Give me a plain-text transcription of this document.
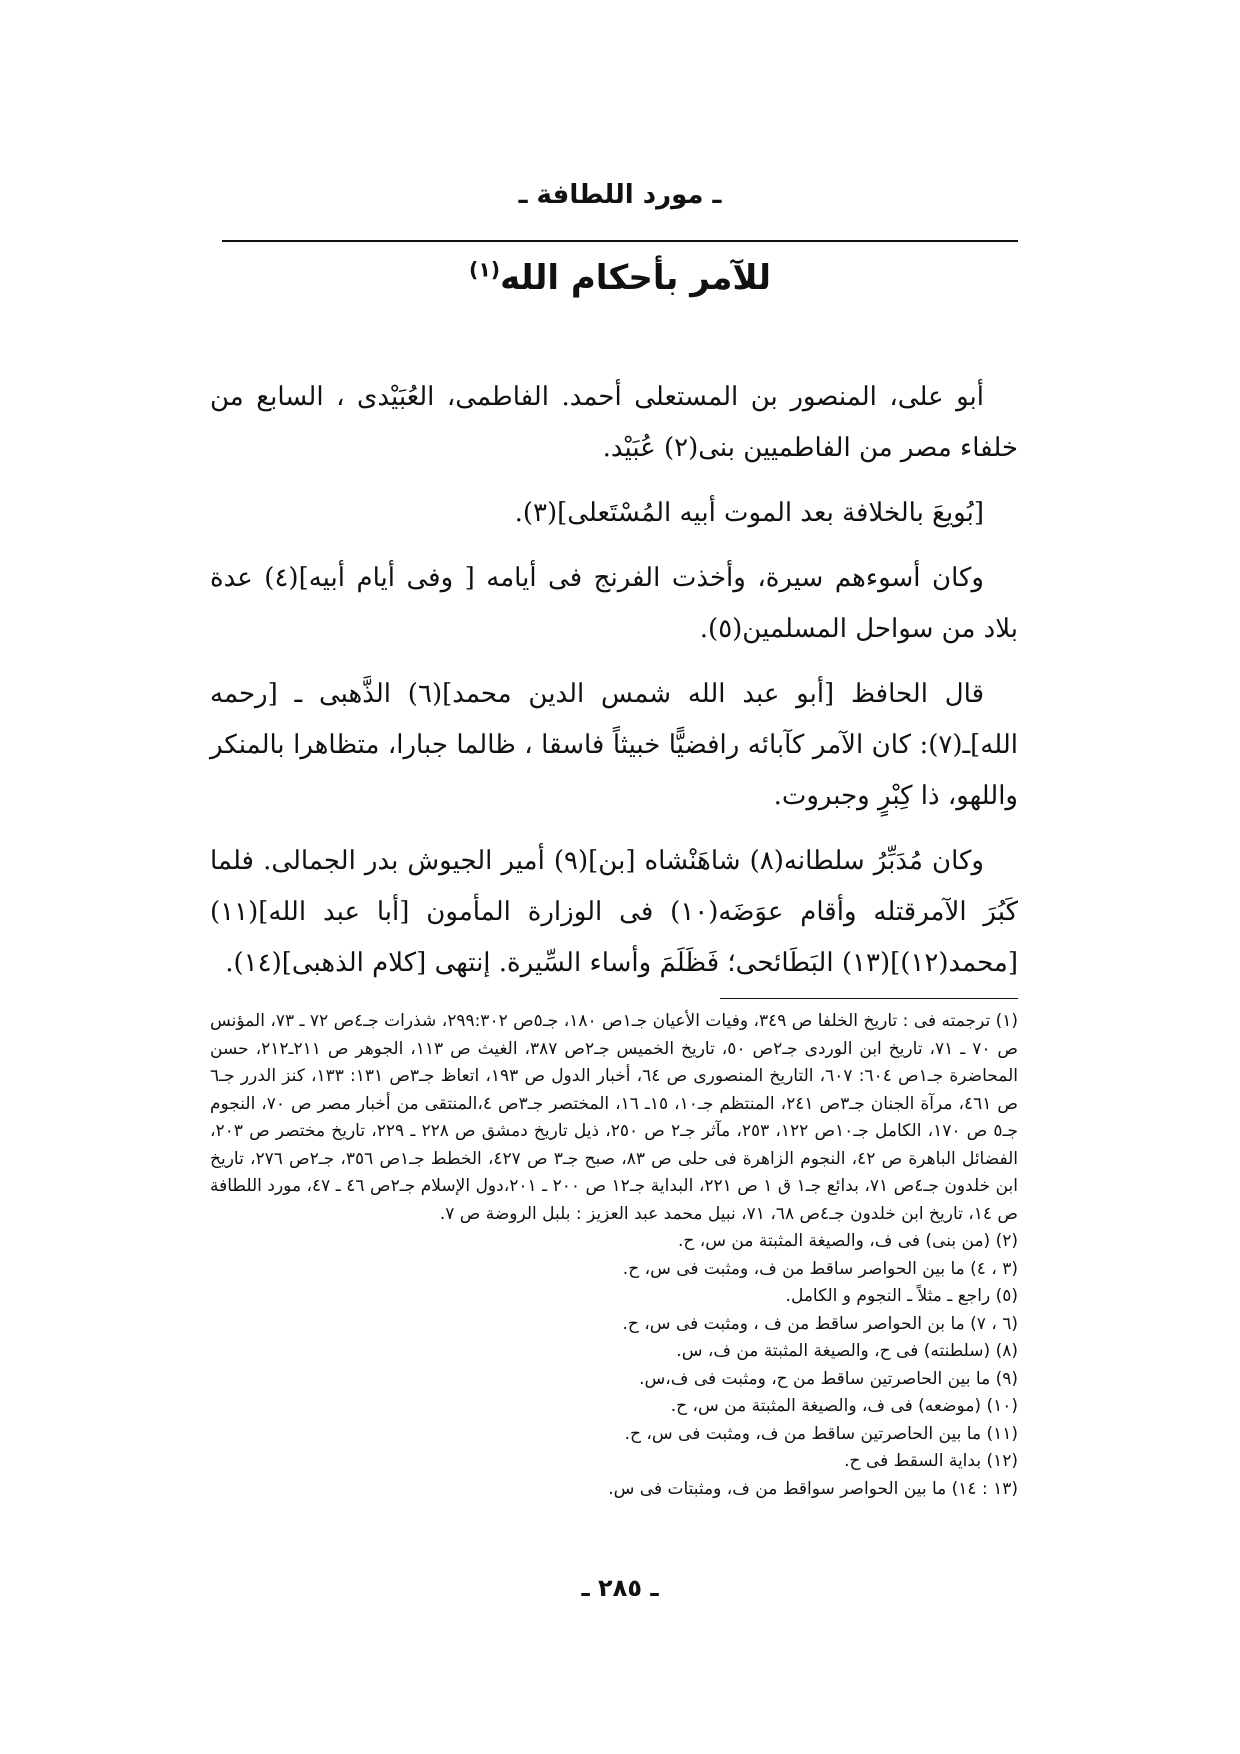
ـ مورد اللطافة ـ
للآمر بأحكام الله$^{(١)}$

أبو على، المنصور بن المستعلى أحمد. الفاطمى، العُبَيْدى ، السابع من خلفاء مصر من الفاطميين بنى(٢) عُبَيْد.

[بُويعَ بالخلافة بعد الموت أبيه المُسْتَعلى](٣).

وكان أسوءهم سيرة، وأخذت الفرنج فى أيامه [ وفى أيام أبيه](٤) عدة بلاد من سواحل المسلمين(٥).

قال الحافظ [أبو عبد الله شمس الدين محمد](٦) الذَّهبى ـ [رحمه الله]ـ(٧): كان الآمر كآبائه رافضيًّا خبيثاً فاسقا ، ظالما جبارا، متظاهرا بالمنكر واللهو، ذا كِبْرٍ وجبروت.

وكان مُدَبِّرُ سلطانه(٨) شاهَنْشاه [بن](٩) أمير الجيوش بدر الجمالى. فلما كَبُرَ الآمرقتله وأقام عوَضَه(١٠) فى الوزارة المأمون [أبا عبد الله](١١) [محمد(١٢)](١٣) البَطَائحى؛ فَظَلَمَ وأساء السِّيرة. إنتهى [كلام الذهبى](١٤).

(١) ترجمته فى : تاريخ الخلفا ص ٣٤٩، وفيات الأعيان جـ١ص ١٨٠، جـ٥ص ٢٩٩:٣٠٢، شذرات جـ٤ص ٧٢ ـ ٧٣، المؤنس ص ٧٠ ـ ٧١، تاريخ ابن الوردى جـ٢ص ٥٠، تاريخ الخميس جـ٢ص ٣٨٧، الغيث ص ١١٣، الجوهر ص ٢١١ـ٢١٢، حسن المحاضرة جـ١ص ٦٠٤: ٦٠٧، التاريخ المنصورى ص ٦٤، أخبار الدول ص ١٩٣، اتعاظ جـ٣ص ١٣١: ١٣٣، كنز الدرر جـ٦ ص ٤٦١، مرآة الجنان جـ٣ص ٢٤١، المنتظم جـ١٠، ١٥ـ ١٦، المختصر جـ٣ص ٤،المنتقى من أخبار مصر ص ٧٠، النجوم جـ٥ ص ١٧٠، الكامل جـ١٠ص ١٢٢، ٢٥٣، مآثر جـ٢ ص ٢٥٠، ذيل تاريخ دمشق ص ٢٢٨ ـ ٢٢٩، تاريخ مختصر ص ٢٠٣، الفضائل الباهرة ص ٤٢، النجوم الزاهرة فى حلى ص ٨٣، صبح جـ٣ ص ٤٢٧، الخطط جـ١ص ٣٥٦، جـ٢ص ٢٧٦، تاريخ ابن خلدون جـ٤ص ٧١، بدائع جـ١ ق ١ ص ٢٢١، البداية جـ١٢ ص ٢٠٠ ـ ٢٠١،دول الإسلام جـ٢ص ٤٦ ـ ٤٧، مورد اللطافة ص ١٤، تاريخ ابن خلدون جـ٤ص ٦٨، ٧١، نبيل محمد عبد العزيز : بلبل الروضة ص ٧.

(٢) (من بنى) فى ف، والصيغة المثبتة من س، ح.

(٣ ، ٤) ما بين الحواصر ساقط من ف، ومثبت فى س، ح.

(٥) راجع ـ مثلاً ـ النجوم و الكامل.

(٦ ، ٧) ما بن الحواصر ساقط من ف ، ومثبت فى س، ح.

(٨) (سلطنته) فى ح، والصيغة المثبتة من ف، س.

(٩) ما بين الحاصرتين ساقط من ح، ومثبت فى ف،س.

(١٠) (موضعه) فى ف، والصيغة المثبتة من س، ح.

(١١) ما بين الحاصرتين ساقط من ف، ومثبت فى س، ح.

(١٢) بداية السقط فى ح.

(١٣ : ١٤) ما بين الحواصر سواقط من ف، ومثبتات فى س.

ـ ٢٨٥ ـ
